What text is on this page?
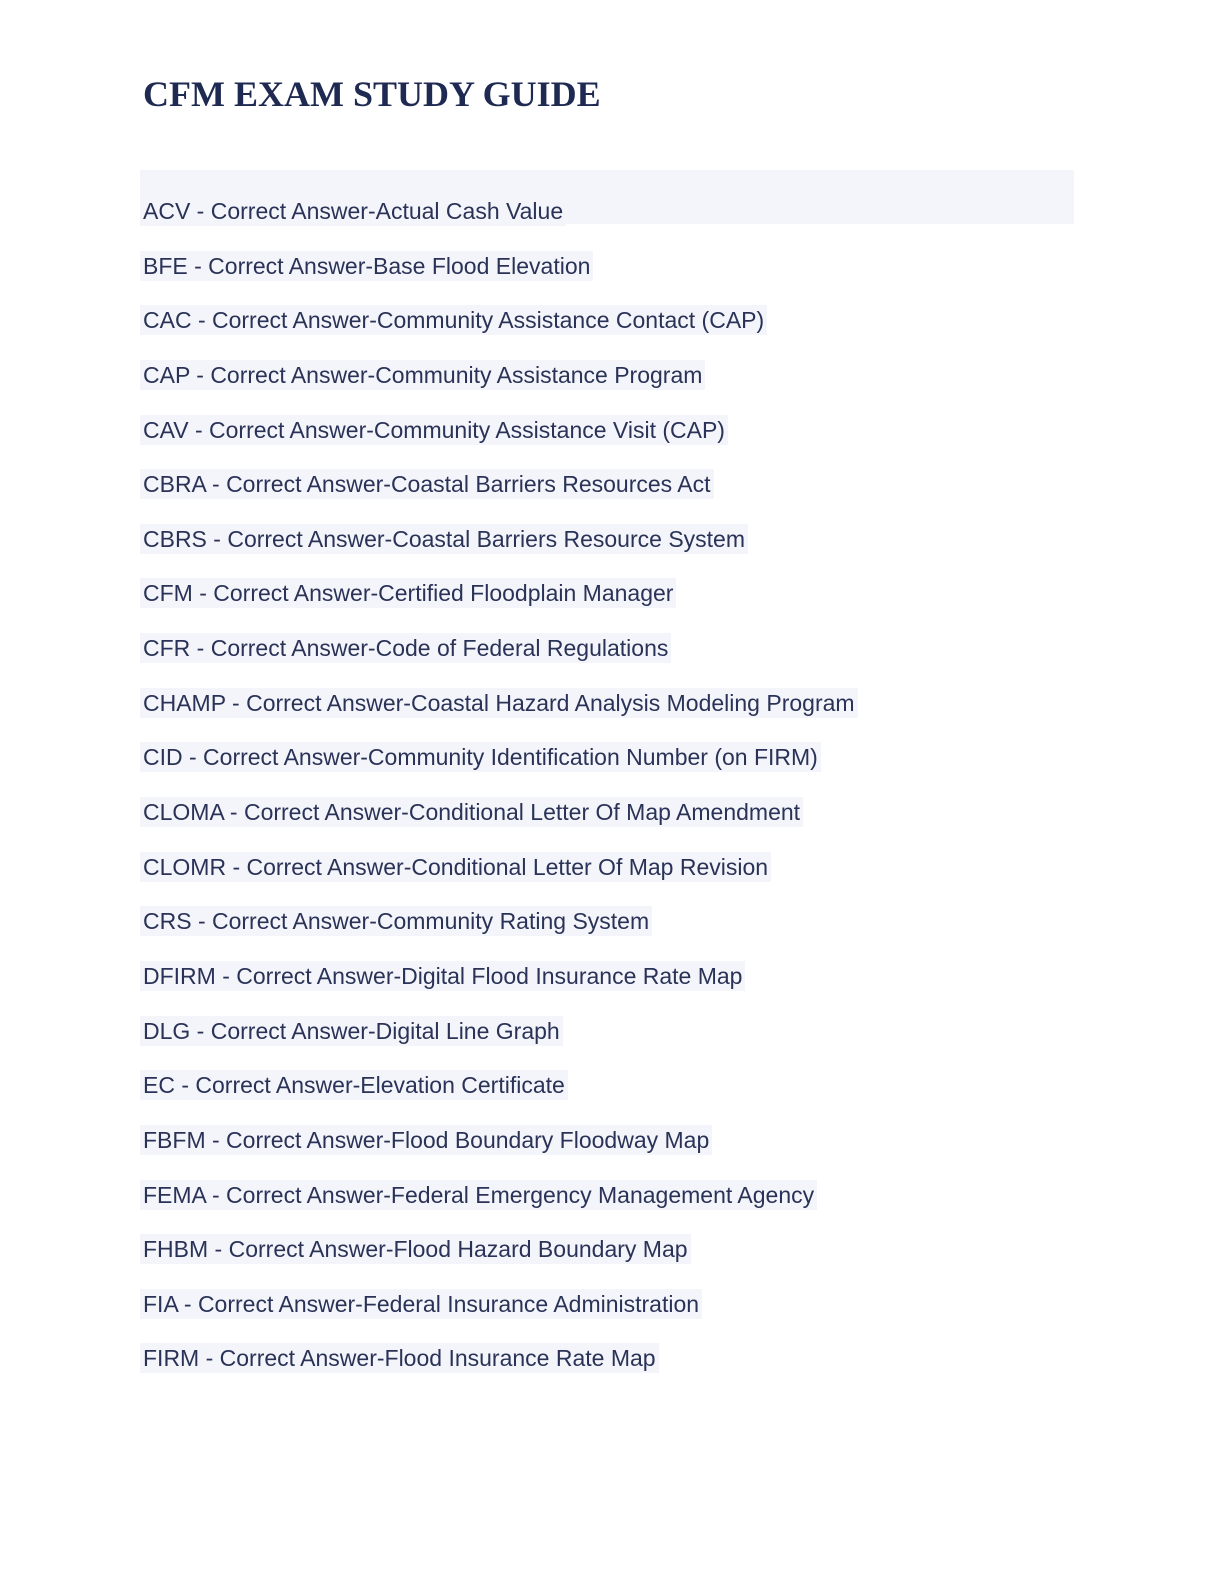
CFM EXAM STUDY GUIDE
ACV - Correct Answer-Actual Cash Value
BFE - Correct Answer-Base Flood Elevation
CAC - Correct Answer-Community Assistance Contact (CAP)
CAP - Correct Answer-Community Assistance Program
CAV - Correct Answer-Community Assistance Visit (CAP)
CBRA - Correct Answer-Coastal Barriers Resources Act
CBRS - Correct Answer-Coastal Barriers Resource System
CFM - Correct Answer-Certified Floodplain Manager
CFR - Correct Answer-Code of Federal Regulations
CHAMP - Correct Answer-Coastal Hazard Analysis Modeling Program
CID - Correct Answer-Community Identification Number (on FIRM)
CLOMA - Correct Answer-Conditional Letter Of Map Amendment
CLOMR - Correct Answer-Conditional Letter Of Map Revision
CRS - Correct Answer-Community Rating System
DFIRM - Correct Answer-Digital Flood Insurance Rate Map
DLG - Correct Answer-Digital Line Graph
EC - Correct Answer-Elevation Certificate
FBFM - Correct Answer-Flood Boundary Floodway Map
FEMA - Correct Answer-Federal Emergency Management Agency
FHBM - Correct Answer-Flood Hazard Boundary Map
FIA - Correct Answer-Federal Insurance Administration
FIRM - Correct Answer-Flood Insurance Rate Map
